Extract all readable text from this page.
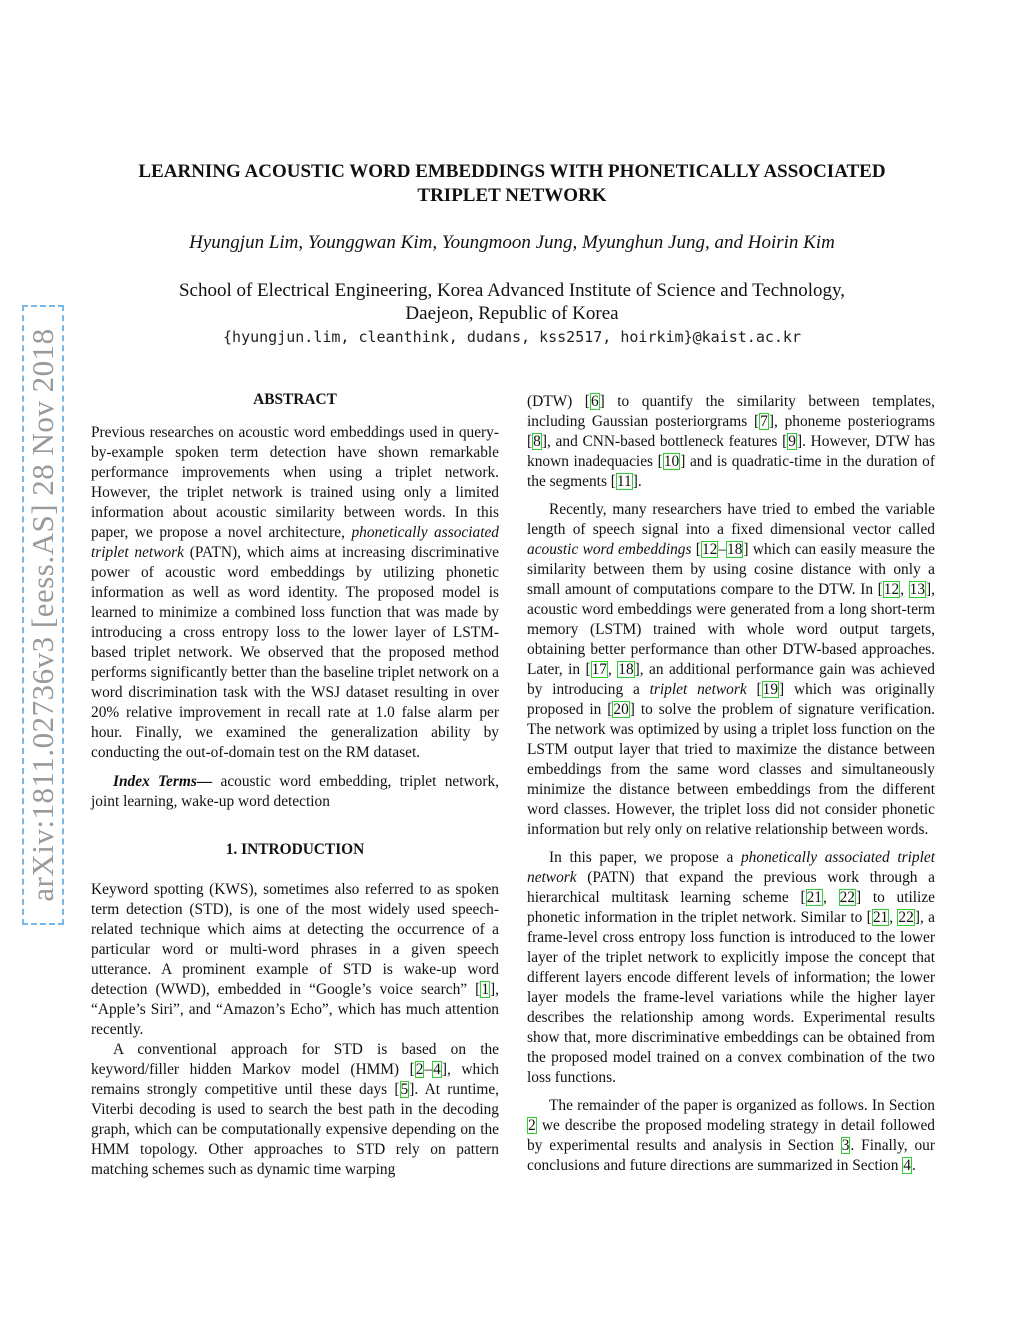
arXiv:1811.02736v3 [eess.AS] 28 Nov 2018
LEARNING ACOUSTIC WORD EMBEDDINGS WITH PHONETICALLY ASSOCIATED
TRIPLET NETWORK
Hyungjun Lim, Younggwan Kim, Youngmoon Jung, Myunghun Jung, and Hoirin Kim
School of Electrical Engineering, Korea Advanced Institute of Science and Technology,
Daejeon, Republic of Korea
{hyungjun.lim, cleanthink, dudans, kss2517, hoirkim}@kaist.ac.kr
ABSTRACT

Previous researches on acoustic word embeddings used in query-by-example spoken term detection have shown remarkable performance improvements when using a triplet network. However, the triplet network is trained using only a limited information about acoustic similarity between words. In this paper, we propose a novel architecture, phonetically associated triplet network (PATN), which aims at increasing discriminative power of acoustic word embeddings by utilizing phonetic information as well as word identity. The proposed model is learned to minimize a combined loss function that was made by introducing a cross entropy loss to the lower layer of LSTM-based triplet network. We observed that the proposed method performs significantly better than the baseline triplet network on a word discrimination task with the WSJ dataset resulting in over 20% relative improvement in recall rate at 1.0 false alarm per hour. Finally, we examined the generalization ability by conducting the out-of-domain test on the RM dataset.

Index Terms— acoustic word embedding, triplet network, joint learning, wake-up word detection

1. INTRODUCTION

Keyword spotting (KWS), sometimes also referred to as spoken term detection (STD), is one of the most widely used speech-related technique which aims at detecting the occurrence of a particular word or multi-word phrases in a given speech utterance. A prominent example of STD is wake-up word detection (WWD), embedded in “Google’s voice search” [1], “Apple’s Siri”, and “Amazon’s Echo”, which has much attention recently.

A conventional approach for STD is based on the keyword/filler hidden Markov model (HMM) [2–4], which remains strongly competitive until these days [5]. At runtime, Viterbi decoding is used to search the best path in the decoding graph, which can be computationally expensive depending on the HMM topology. Other approaches to STD rely on pattern matching schemes such as dynamic time warping

(DTW) [6] to quantify the similarity between templates, including Gaussian posteriorgrams [7], phoneme posteriograms [8], and CNN-based bottleneck features [9]. However, DTW has known inadequacies [10] and is quadratic-time in the duration of the segments [11].

Recently, many researchers have tried to embed the variable length of speech signal into a fixed dimensional vector called acoustic word embeddings [12–18] which can easily measure the similarity between them by using cosine distance with only a small amount of computations compare to the DTW. In [12, 13], acoustic word embeddings were generated from a long short-term memory (LSTM) trained with whole word output targets, obtaining better performance than other DTW-based approaches. Later, in [17, 18], an additional performance gain was achieved by introducing a triplet network [19] which was originally proposed in [20] to solve the problem of signature verification. The network was optimized by using a triplet loss function on the LSTM output layer that tried to maximize the distance between embeddings from the same word classes and simultaneously minimize the distance between embeddings from the different word classes. However, the triplet loss did not consider phonetic information but rely only on relative relationship between words.

In this paper, we propose a phonetically associated triplet network (PATN) that expand the previous work through a hierarchical multitask learning scheme [21, 22] to utilize phonetic information in the triplet network. Similar to [21, 22], a frame-level cross entropy loss function is introduced to the lower layer of the triplet network to explicitly impose the concept that different layers encode different levels of information; the lower layer models the frame-level variations while the higher layer describes the relationship among words. Experimental results show that, more discriminative embeddings can be obtained from the proposed model trained on a convex combination of the two loss functions.

The remainder of the paper is organized as follows. In Section 2 we describe the proposed modeling strategy in detail followed by experimental results and analysis in Section 3. Finally, our conclusions and future directions are summarized in Section 4.
